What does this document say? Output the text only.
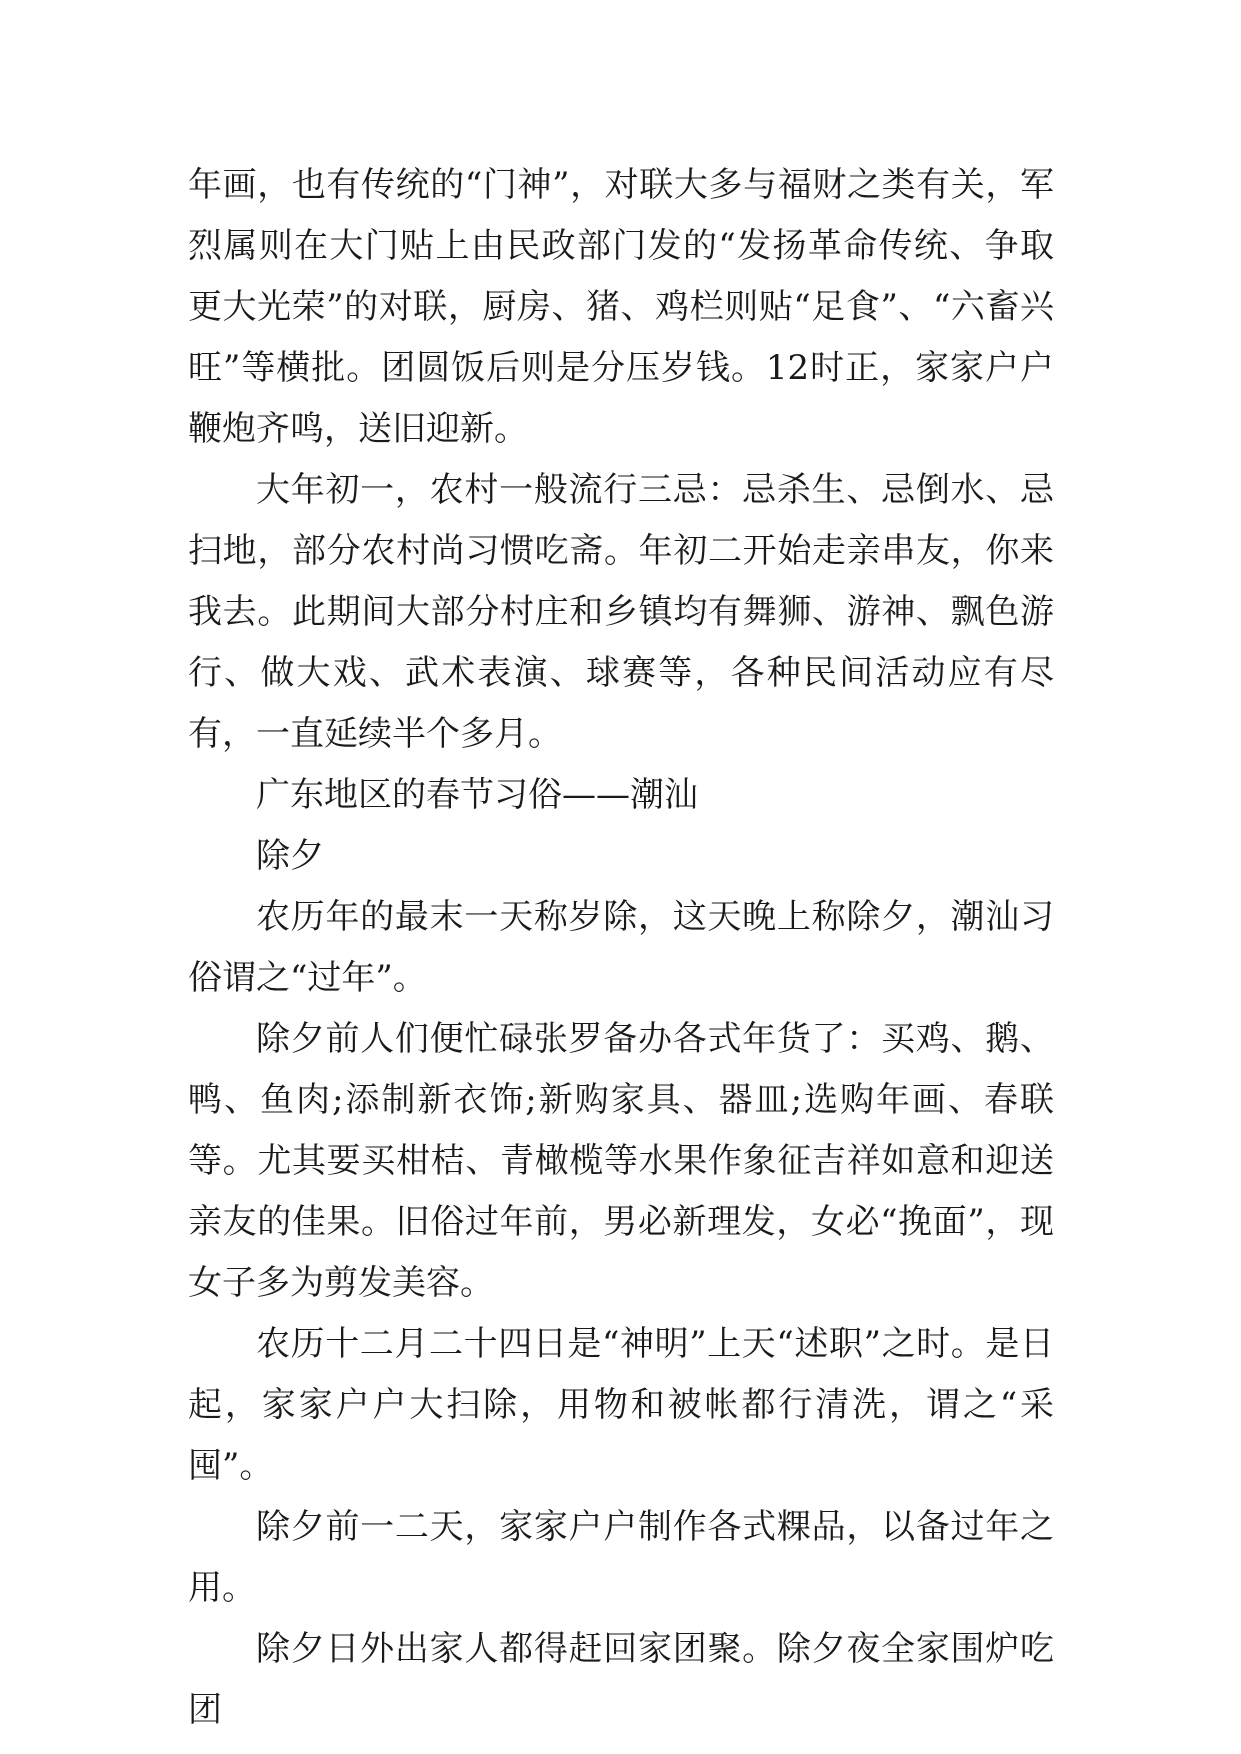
年画，也有传统的“门神”，对联大多与福财之类有关，军烈属则在大门贴上由民政部门发的“发扬革命传统、争取更大光荣”的对联，厨房、猪、鸡栏则贴“足食”、“六畜兴旺”等横批。团圆饭后则是分压岁钱。12时正，家家户户鞭炮齐鸣，送旧迎新。

大年初一，农村一般流行三忌：忌杀生、忌倒水、忌扫地，部分农村尚习惯吃斋。年初二开始走亲串友，你来我去。此期间大部分村庄和乡镇均有舞狮、游神、飘色游行、做大戏、武术表演、球赛等，各种民间活动应有尽有，一直延续半个多月。

广东地区的春节习俗——潮汕

除夕

农历年的最末一天称岁除，这天晚上称除夕，潮汕习俗谓之“过年”。

除夕前人们便忙碌张罗备办各式年货了：买鸡、鹅、鸭、鱼肉;添制新衣饰;新购家具、器皿;选购年画、春联等。尤其要买柑桔、青橄榄等水果作象征吉祥如意和迎送亲友的佳果。旧俗过年前，男必新理发，女必“挽面”，现女子多为剪发美容。

农历十二月二十四日是“神明”上天“述职”之时。是日起，家家户户大扫除，用物和被帐都行清洗，谓之“采囤”。

除夕前一二天，家家户户制作各式粿品，以备过年之用。

除夕日外出家人都得赶回家团聚。除夕夜全家围炉吃团
